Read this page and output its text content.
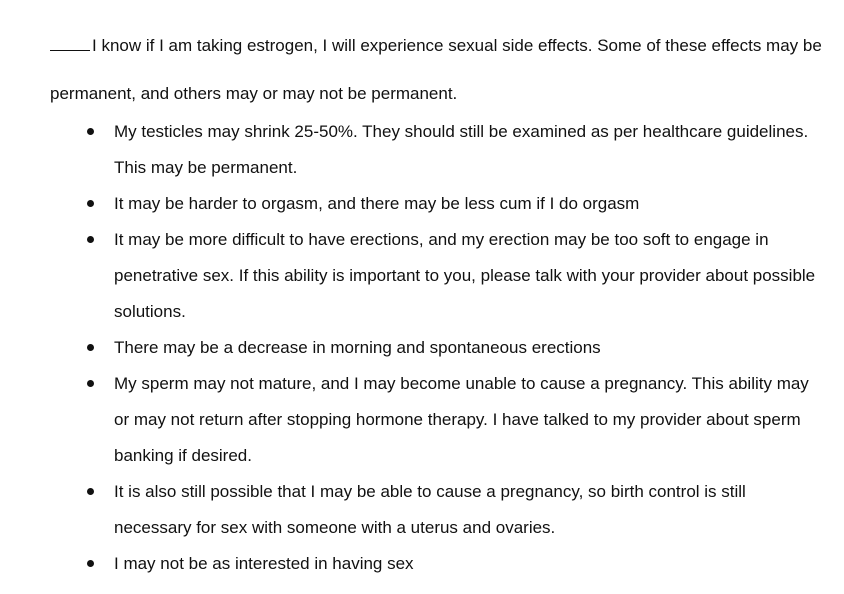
I know if I am taking estrogen, I will experience sexual side effects. Some of these effects may be permanent, and others may or may not be permanent.

My testicles may shrink 25-50%. They should still be examined as per healthcare guidelines. This may be permanent.
It may be harder to orgasm, and there may be less cum if I do orgasm
It may be more difficult to have erections, and my erection may be too soft to engage in penetrative sex. If this ability is important to you, please talk with your provider about possible solutions.
There may be a decrease in morning and spontaneous erections
My sperm may not mature, and I may become unable to cause a pregnancy. This ability may or may not return after stopping hormone therapy. I have talked to my provider about sperm banking if desired.
It is also still possible that I may be able to cause a pregnancy, so birth control is still necessary for sex with someone with a uterus and ovaries.
I may not be as interested in having sex
